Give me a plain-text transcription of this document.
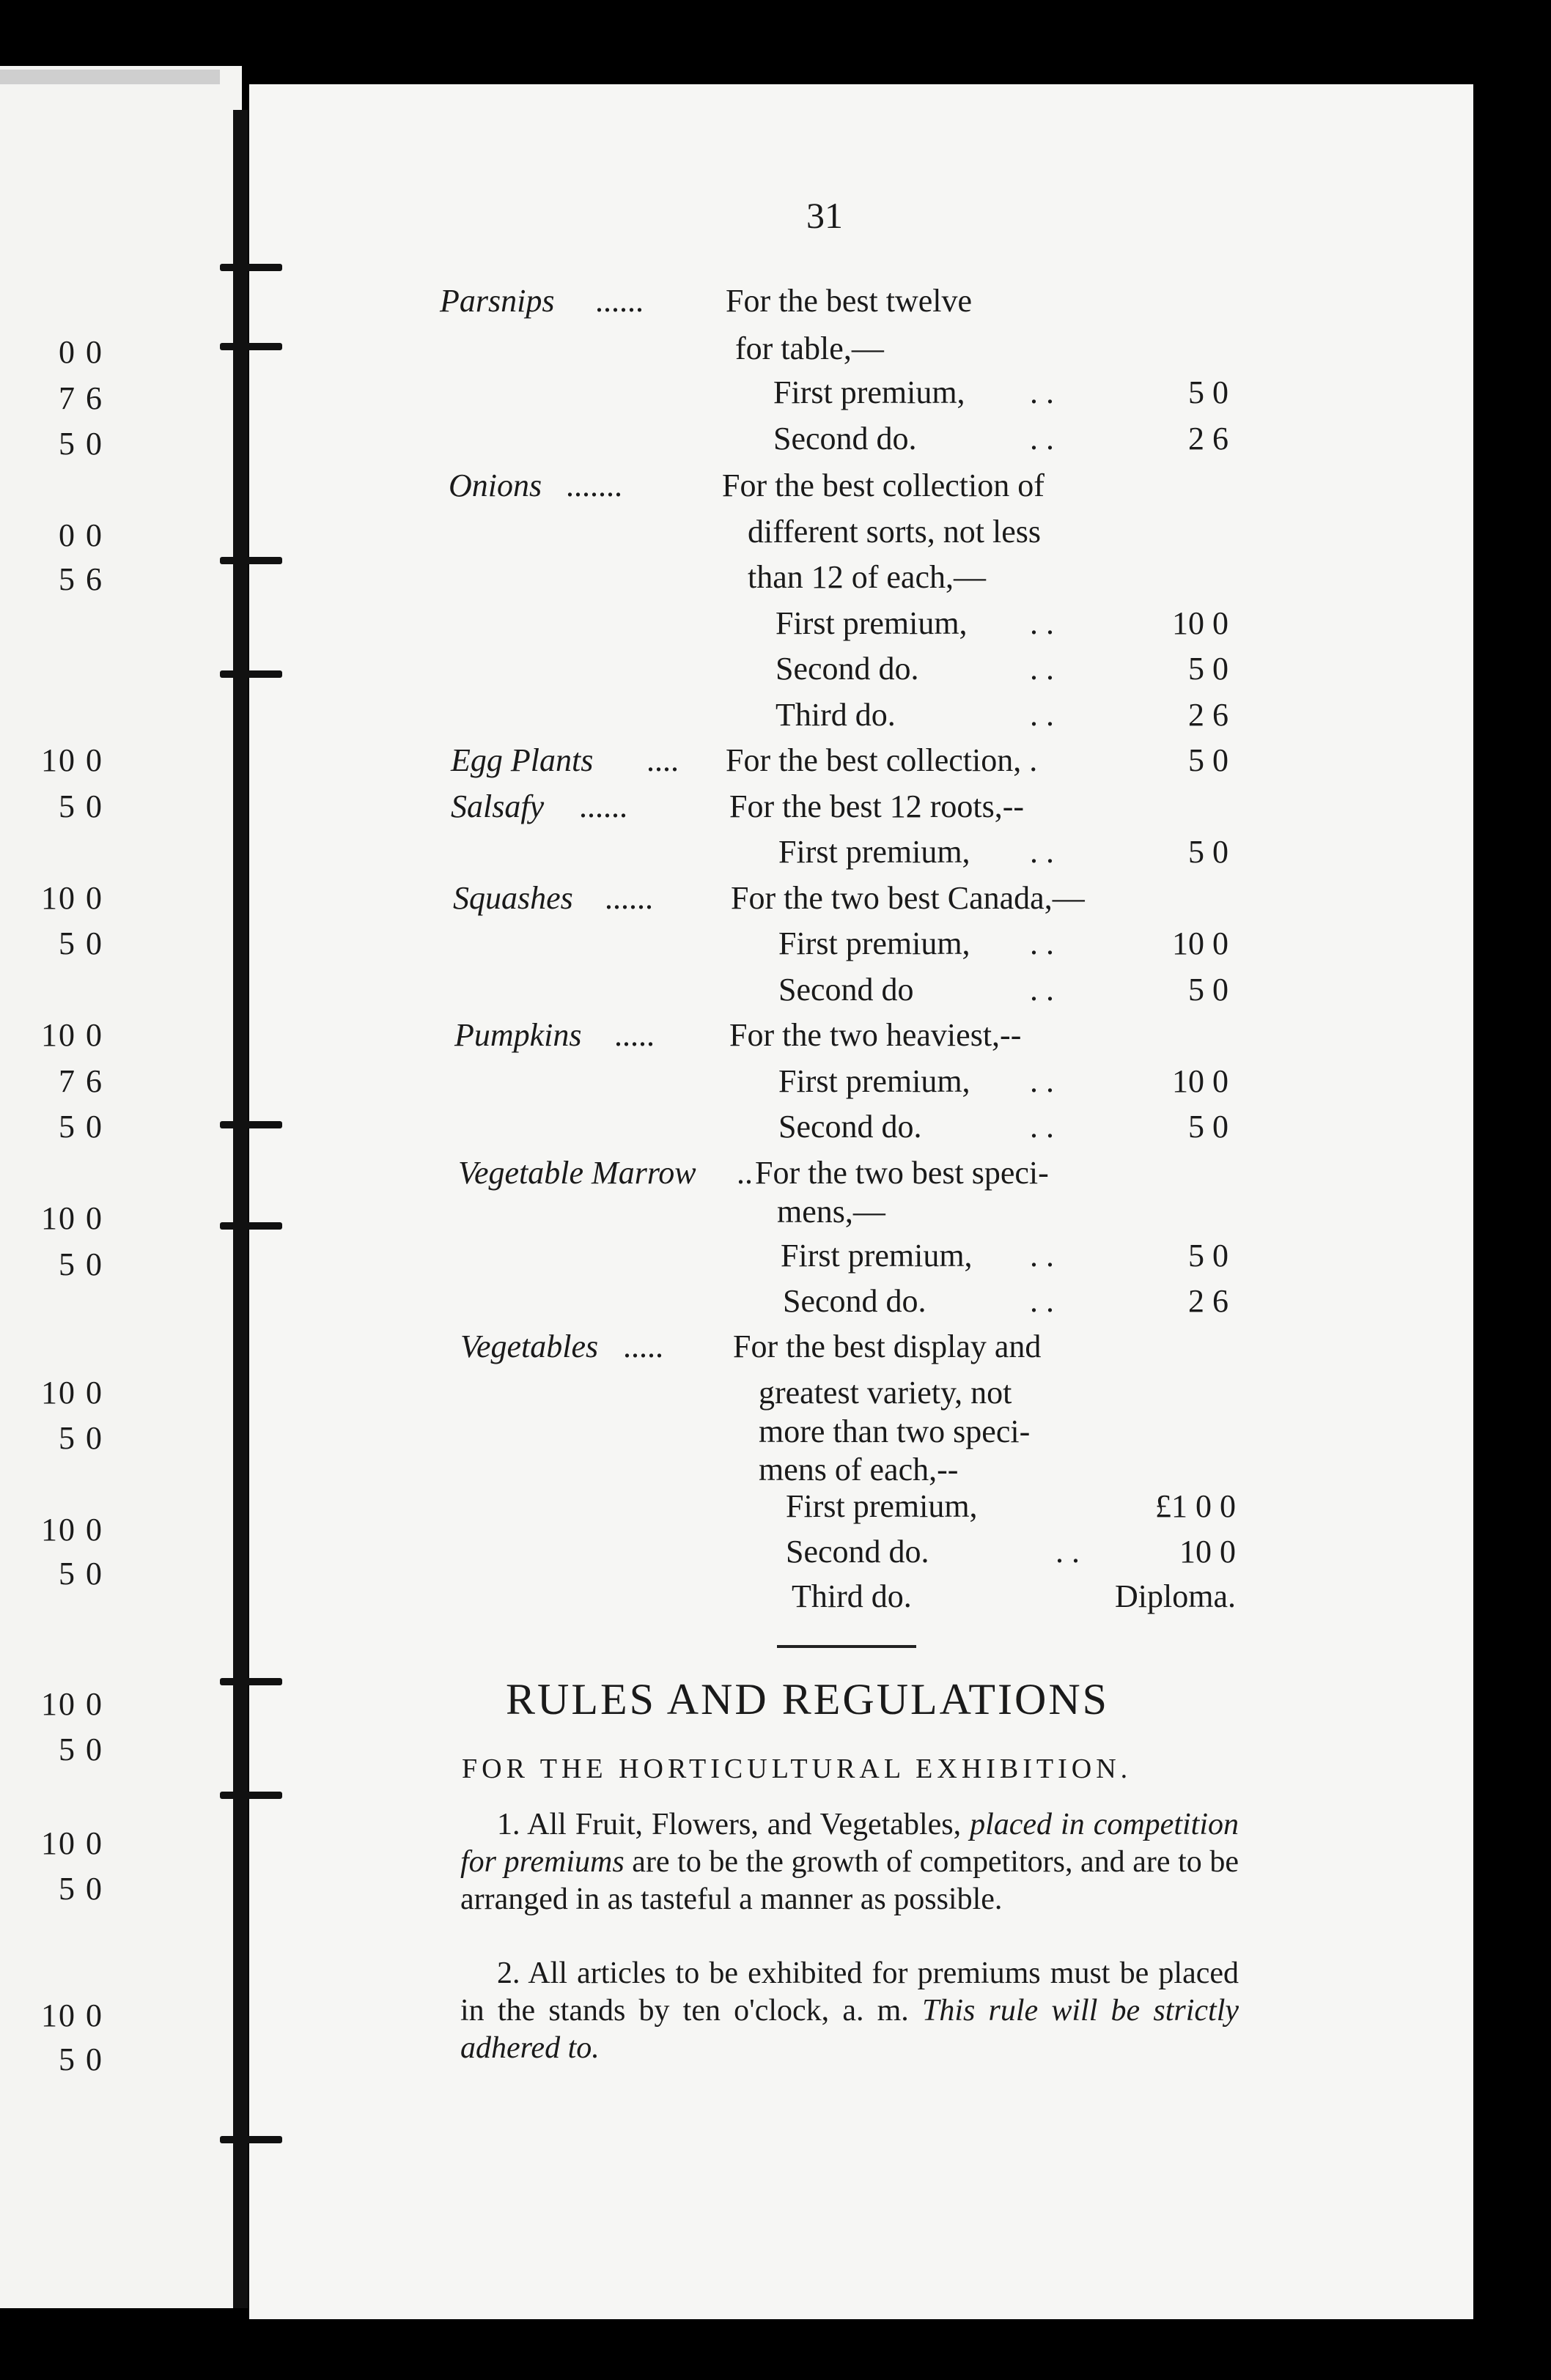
31
Parsnips ......	For the best twelve
for table,—
First premium, . .	5 0
Second do.	. .	2 6
Onions .......	For the best collection of
different sorts, not less
than 12 of each,—
First premium, . .	10 0
Second do.	. .	5 0
Third do.	. .	2 6
Egg Plants .... For the best collection, .	5 0
Salsafy ......	For the best 12 roots,--
First premium, . .	5 0
Squashes ...... For the two best Canada,—
First premium, . .	10 0
Second do	. .	5 0
Pumpkins ..... For the two heaviest,--
First premium, . .	10 0
Second do.	. .	5 0
Vegetable Marrow .. For the two best speci-
mens,—
First premium, . .	5 0
Second do.	. .	2 6
Vegetables ..... For the best display and
greatest variety, not
more than two speci-
mens of each,--
First premium,	£1 0 0
Second do.	. .	10 0
Third do.	Diploma.
RULES AND REGULATIONS
FOR THE HORTICULTURAL EXHIBITION.
1. All Fruit, Flowers, and Vegetables, placed in competition for premiums are to be the growth of competitors, and are to be arranged in as tasteful a manner as possible.
2. All articles to be exhibited for premiums must be placed in the stands by ten o'clock, a. m. This rule will be strictly adhered to.
0 0
7 6
5 0
0 0
5 6
10 0
5 0
10 0
5 0
10 0
7 6
5 0
10 0
5 0
10 0
5 0
10 0
5 0
10 0
5 0
10 0
5 0
10 0
5 0
